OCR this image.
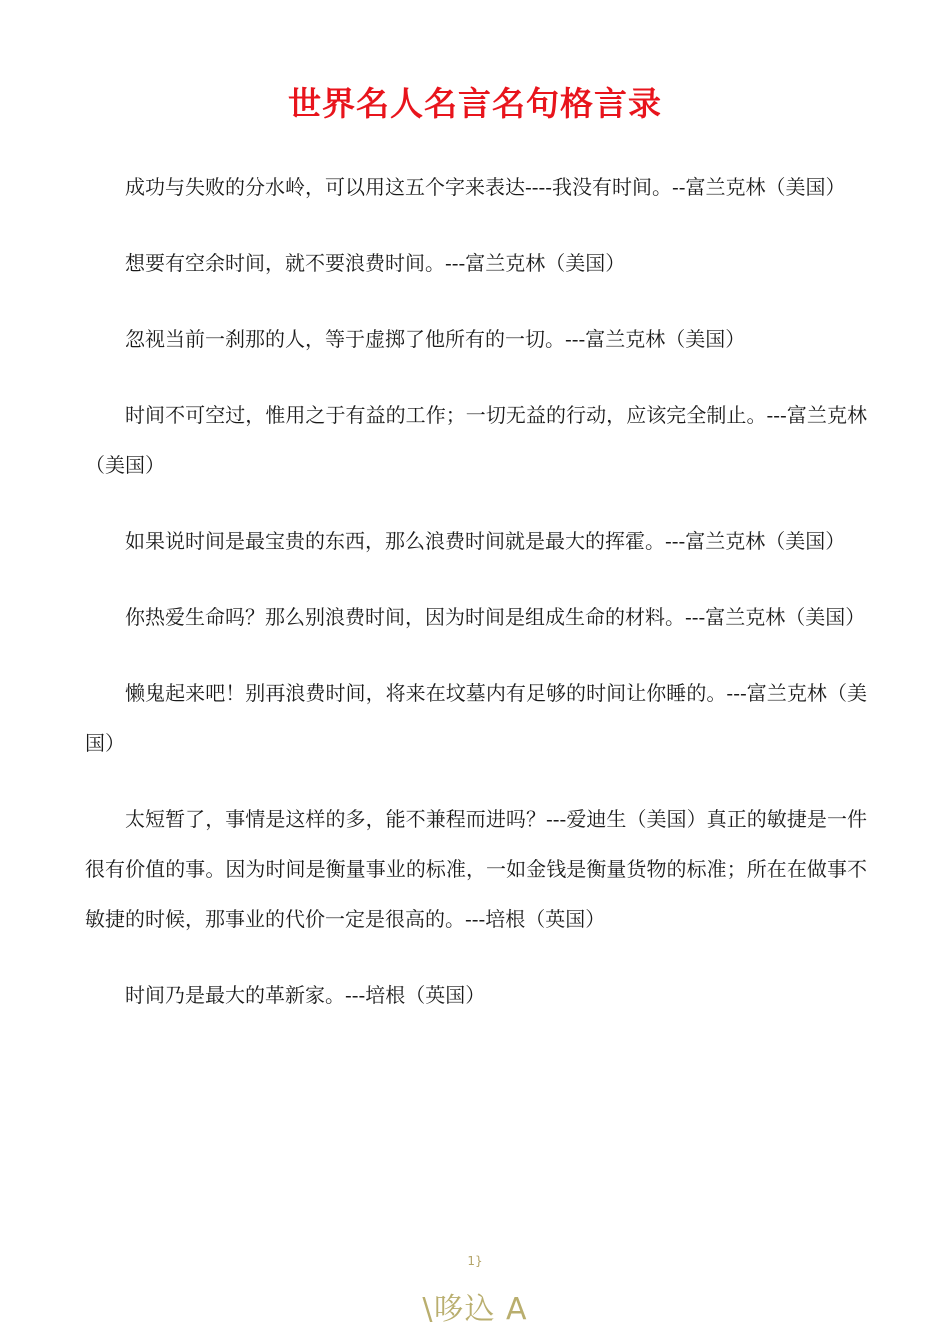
世界名人名言名句格言录

成功与失败的分水岭，可以用这五个字来表达----我没有时间。--富兰克林（美国）

想要有空余时间，就不要浪费时间。---富兰克林（美国）

忽视当前一刹那的人，等于虚掷了他所有的一切。---富兰克林（美国）

时间不可空过，惟用之于有益的工作；一切无益的行动，应该完全制止。---富兰克林（美国）

如果说时间是最宝贵的东西，那么浪费时间就是最大的挥霍。---富兰克林（美国）

你热爱生命吗？那么别浪费时间，因为时间是组成生命的材料。---富兰克林（美国）

懒鬼起来吧！别再浪费时间，将来在坟墓内有足够的时间让你睡的。---富兰克林（美国）

太短暂了，事情是这样的多，能不兼程而进吗？---爱迪生（美国）真正的敏捷是一件很有价值的事。因为时间是衡量事业的标准，一如金钱是衡量货物的标准；所在在做事不敏捷的时候，那事业的代价一定是很高的。---培根（英国）

时间乃是最大的革新家。---培根（英国）

1}
\哆込 A
